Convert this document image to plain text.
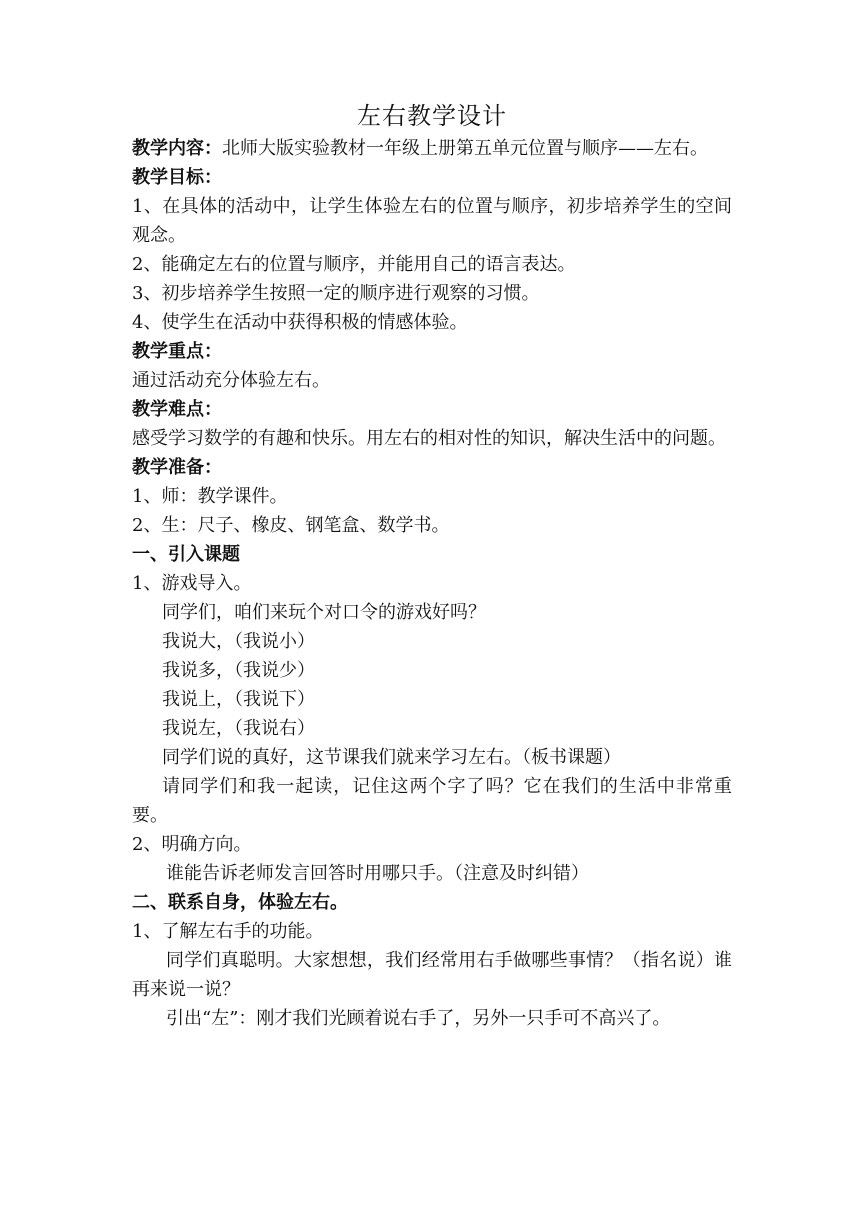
左右教学设计

教学内容：北师大版实验教材一年级上册第五单元位置与顺序——左右。

教学目标：

1、在具体的活动中，让学生体验左右的位置与顺序，初步培养学生的空间观念。

2、能确定左右的位置与顺序，并能用自己的语言表达。

3、初步培养学生按照一定的顺序进行观察的习惯。

4、使学生在活动中获得积极的情感体验。

教学重点：

通过活动充分体验左右。

教学难点：

感受学习数学的有趣和快乐。用左右的相对性的知识，解决生活中的问题。

教学准备：

1、师：教学课件。

2、生：尺子、橡皮、钢笔盒、数学书。

一、引入课题

1、游戏导入。

同学们，咱们来玩个对口令的游戏好吗？

我说大，（我说小）

我说多，（我说少）

我说上，（我说下）

我说左，（我说右）

同学们说的真好，这节课我们就来学习左右。（板书课题）

请同学们和我一起读，记住这两个字了吗？它在我们的生活中非常重要。

2、明确方向。

谁能告诉老师发言回答时用哪只手。（注意及时纠错）

二、联系自身，体验左右。

1、了解左右手的功能。

同学们真聪明。大家想想，我们经常用右手做哪些事情？（指名说）谁再来说一说？

引出“左”：刚才我们光顾着说右手了，另外一只手可不高兴了。
